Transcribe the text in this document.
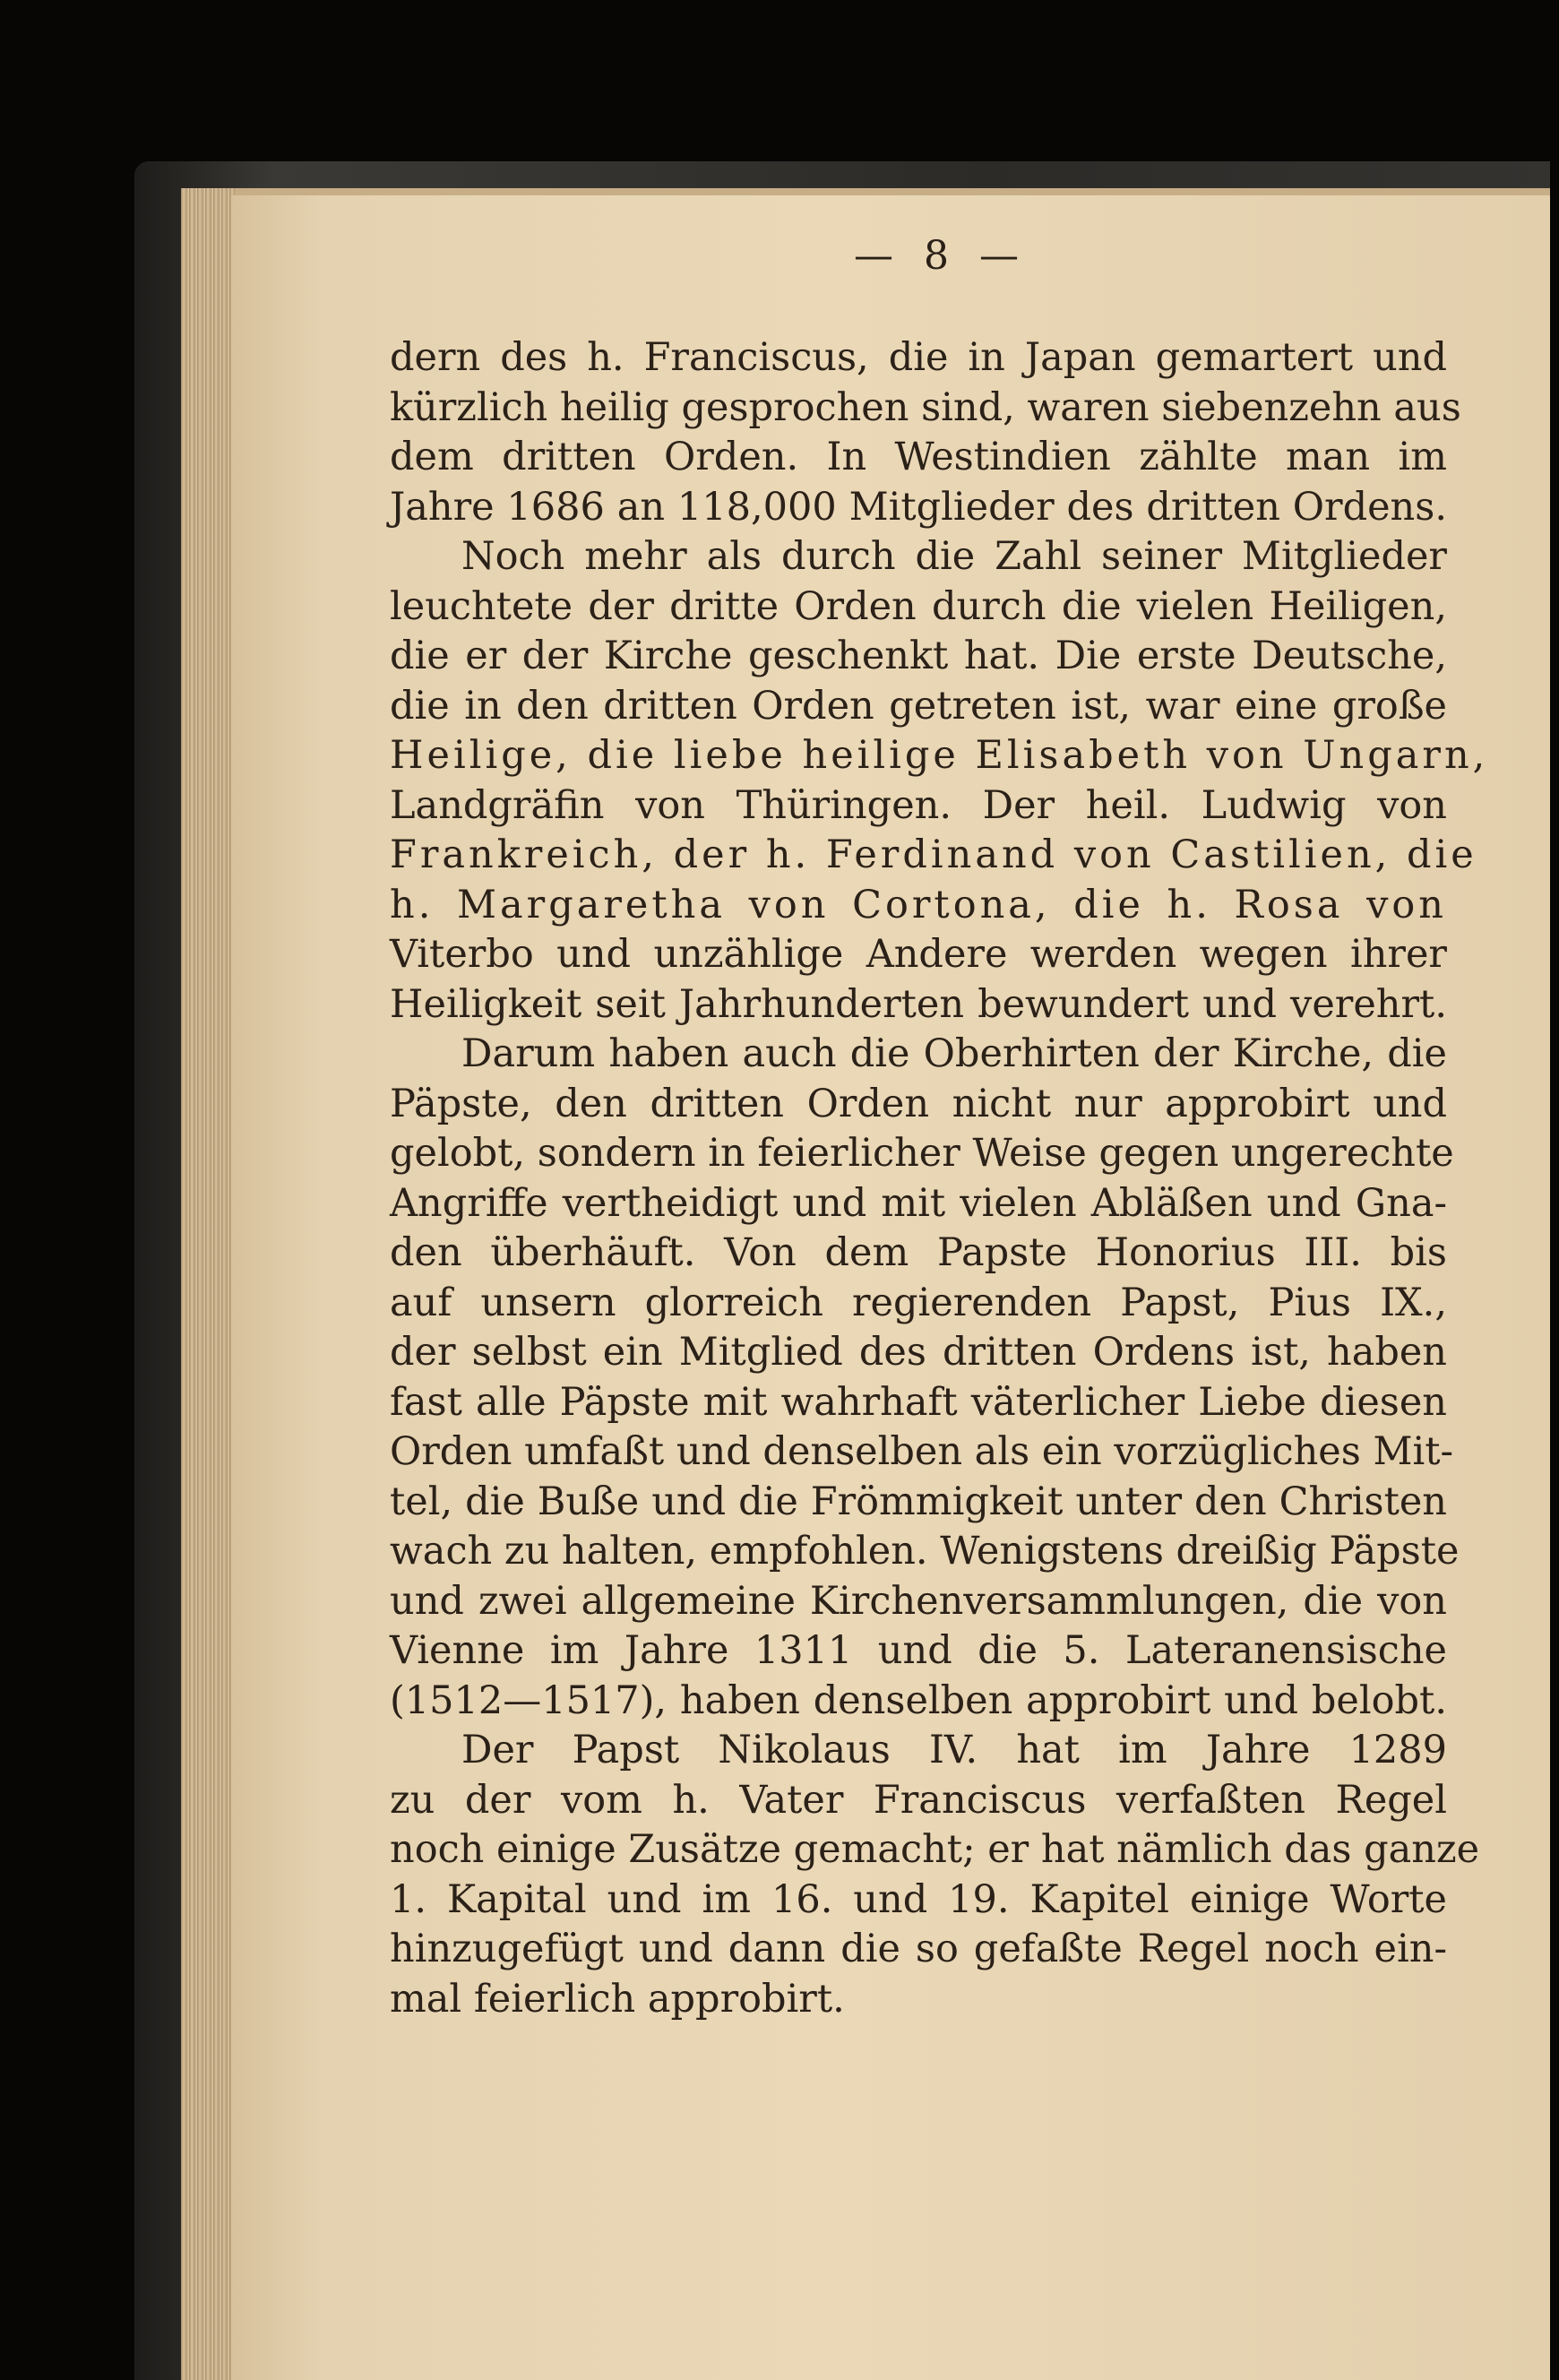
— 8 —
dern des h. Franciscus, die in Japan gemartert und
kürzlich heilig gesprochen sind, waren siebenzehn aus
dem dritten Orden. In Westindien zählte man im
Jahre 1686 an 118,000 Mitglieder des dritten Ordens.
Noch mehr als durch die Zahl seiner Mitglieder
leuchtete der dritte Orden durch die vielen Heiligen,
die er der Kirche geschenkt hat. Die erste Deutsche,
die in den dritten Orden getreten ist, war eine große
Heilige, die liebe heilige Elisabeth von Ungarn,
Landgräfin von Thüringen. Der heil. Ludwig von
Frankreich, der h. Ferdinand von Castilien, die
h. Margaretha von Cortona, die h. Rosa von
Viterbo und unzählige Andere werden wegen ihrer
Heiligkeit seit Jahrhunderten bewundert und verehrt.
Darum haben auch die Oberhirten der Kirche, die
Päpste, den dritten Orden nicht nur approbirt und
gelobt, sondern in feierlicher Weise gegen ungerechte
Angriffe vertheidigt und mit vielen Abläßen und Gna-
den überhäuft. Von dem Papste Honorius III. bis
auf unsern glorreich regierenden Papst, Pius IX.,
der selbst ein Mitglied des dritten Ordens ist, haben
fast alle Päpste mit wahrhaft väterlicher Liebe diesen
Orden umfaßt und denselben als ein vorzügliches Mit-
tel, die Buße und die Frömmigkeit unter den Christen
wach zu halten, empfohlen. Wenigstens dreißig Päpste
und zwei allgemeine Kirchenversammlungen, die von
Vienne im Jahre 1311 und die 5. Lateranensische
(1512—1517), haben denselben approbirt und belobt.
Der Papst Nikolaus IV. hat im Jahre 1289
zu der vom h. Vater Franciscus verfaßten Regel
noch einige Zusätze gemacht; er hat nämlich das ganze
1. Kapital und im 16. und 19. Kapitel einige Worte
hinzugefügt und dann die so gefaßte Regel noch ein-
mal feierlich approbirt.
